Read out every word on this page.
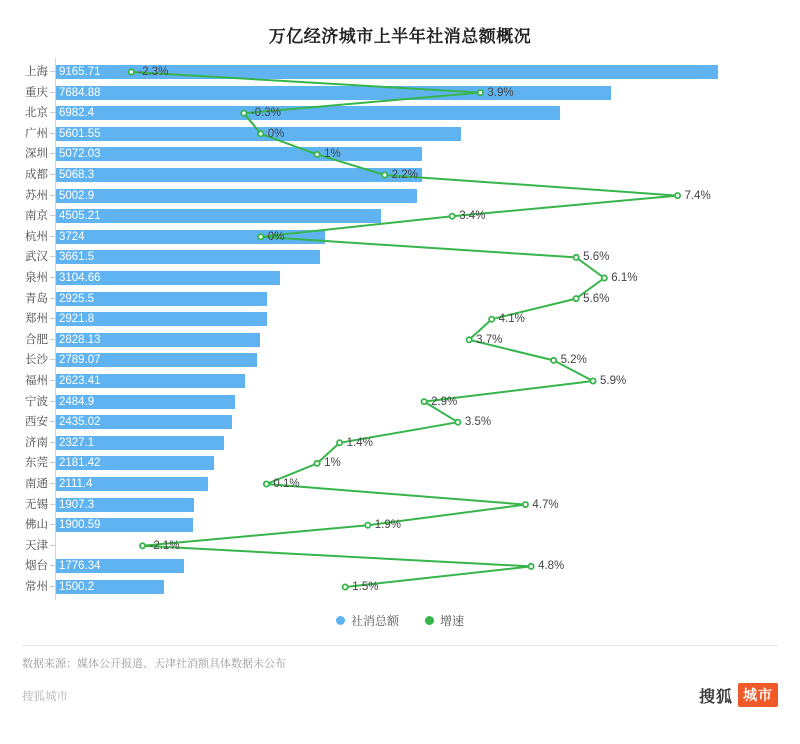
万亿经济城市上半年社消总额概况
上海 9165.71
重庆 7684.88
北京 6982.4
广州 5601.55
深圳 5072.03
成都 5068.3
苏州 5002.9
南京 4505.21
杭州 3724
武汉 3661.5
泉州 3104.66
青岛 2925.5
郑州 2921.8
合肥 2828.13
长沙 2789.07
福州 2623.41
宁波 2484.9
西安 2435.02
济南 2327.1
东莞 2181.42
南通 2111.4
无锡 1907.3
佛山 1900.59
天津
烟台 1776.34
常州 1500.2
-2.3%
3.9%
-0.3%
0%
1%
2.2%
7.4%
3.4%
0%
5.6%
6.1%
5.6%
4.1%
3.7%
5.2%
5.9%
2.9%
3.5%
1.4%
1%
0.1%
4.7%
1.9%
-2.1%
4.8%
1.5%
社消总额	增速
数据来源：媒体公开报道、天津社消额具体数据未公布
搜狐城市	搜狐 城市
